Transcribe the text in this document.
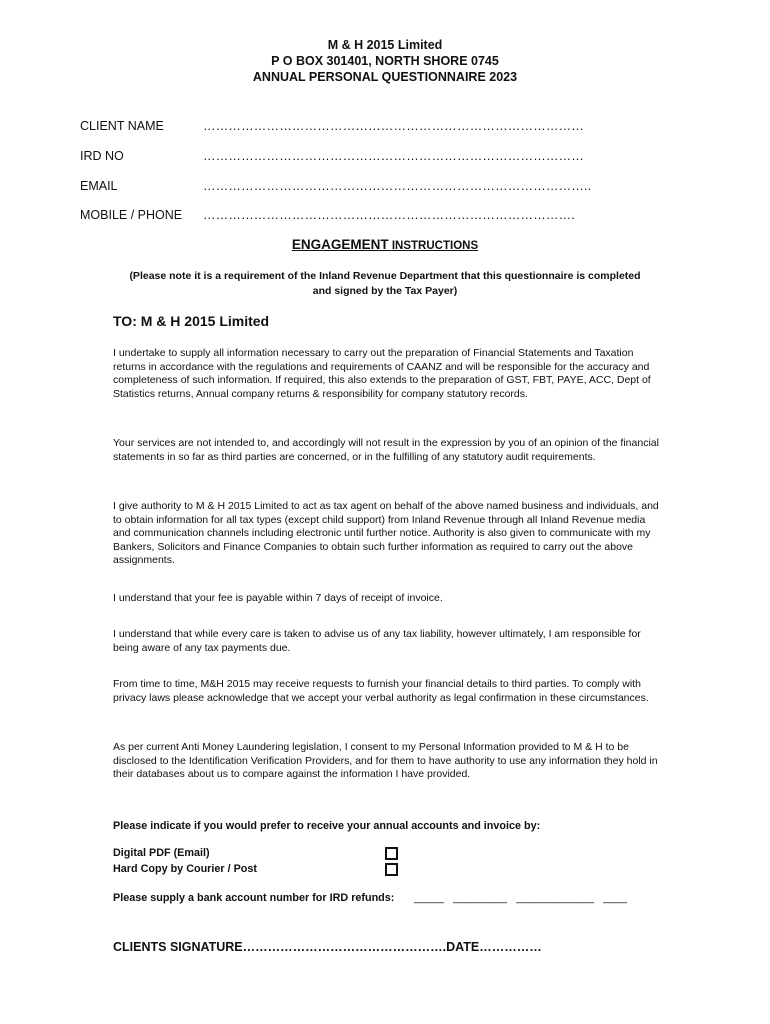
M & H 2015 Limited
P O BOX 301401, NORTH SHORE 0745
ANNUAL PERSONAL QUESTIONNAIRE 2023
CLIENT NAME	………………………………………………………………………………
IRD NO	………………………………………………………………………………
EMAIL	………………………………………………………………………………..
MOBILE / PHONE …………………………………………………………………………….
ENGAGEMENT INSTRUCTIONS
(Please note it is a requirement of the Inland Revenue Department that this questionnaire is completed and signed by the Tax Payer)
TO: M & H 2015 Limited

I undertake to supply all information necessary to carry out the preparation of Financial Statements and Taxation returns in accordance with the regulations and requirements of CAANZ and will be responsible for the accuracy and completeness of such information. If required, this also extends to the preparation of GST, FBT, PAYE, ACC, Dept of Statistics returns, Annual company returns & responsibility for company statutory records.

Your services are not intended to, and accordingly will not result in the expression by you of an opinion of the financial statements in so far as third parties are concerned, or in the fulfilling of any statutory audit requirements.

I give authority to M & H 2015 Limited to act as tax agent on behalf of the above named business and individuals, and to obtain information for all tax types (except child support) from Inland Revenue through all Inland Revenue media and communication channels including electronic until further notice. Authority is also given to communicate with my Bankers, Solicitors and Finance Companies to obtain such further information as required to carry out the above assignments.

I understand that your fee is payable within 7 days of receipt of invoice.

I understand that while every care is taken to advise us of any tax liability, however ultimately, I am responsible for being aware of any tax payments due.

From time to time, M&H 2015 may receive requests to furnish your financial details to third parties. To comply with privacy laws please acknowledge that we accept your verbal authority as legal confirmation in these circumstances.

As per current Anti Money Laundering legislation, I consent to my Personal Information provided to M & H to be disclosed to the Identification Verification Providers, and for them to have authority to use any information they hold in their databases about us to compare against the information I have provided.

Please indicate if you would prefer to receive your annual accounts and invoice by:
Digital PDF (Email)
Hard Copy by Courier / Post
Please supply a bank account number for IRD refunds: _____   _________   _____________   ____
CLIENTS SIGNATURE………………………………………….DATE……………
